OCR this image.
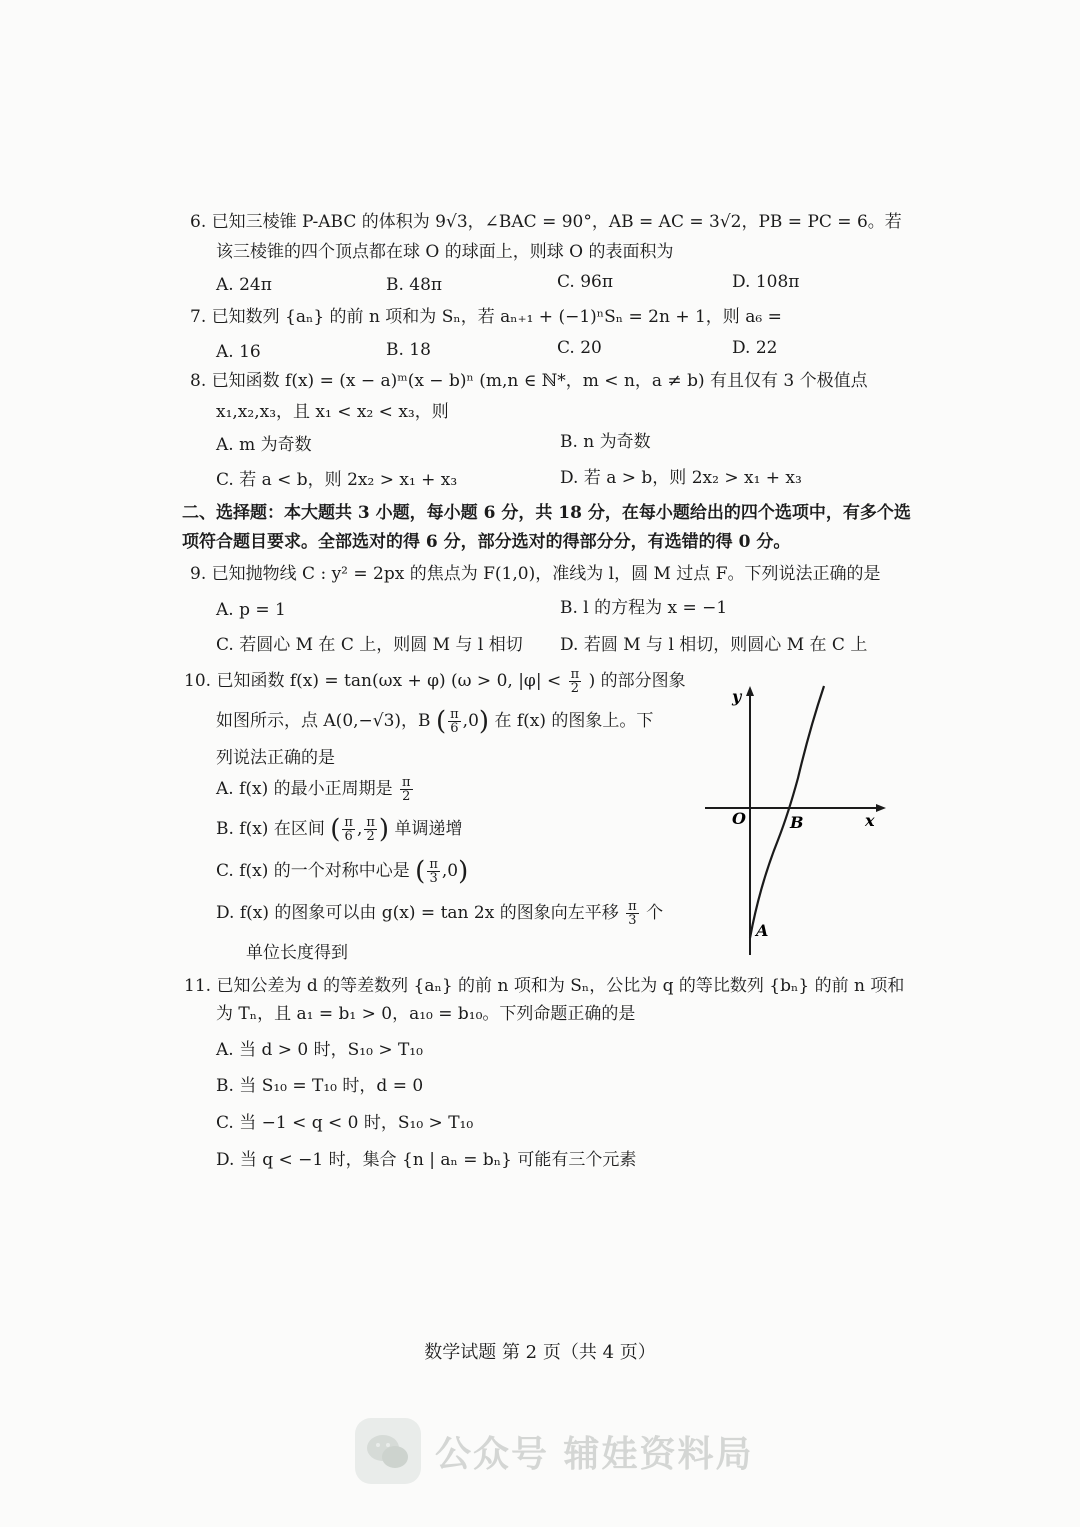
6. 已知三棱锥 P-ABC 的体积为 9√3，∠BAC = 90°，AB = AC = 3√2，PB = PC = 6。若
该三棱锥的四个顶点都在球 O 的球面上，则球 O 的表面积为
A. 24π	B. 48π	C. 96π	D. 108π
7. 已知数列 {aₙ} 的前 n 项和为 Sₙ，若 aₙ₊₁ + (−1)ⁿSₙ = 2n + 1，则 a₆ =
A. 16	B. 18	C. 20	D. 22
8. 已知函数 f(x) = (x − a)ᵐ(x − b)ⁿ (m,n ∈ ℕ*，m < n，a ≠ b) 有且仅有 3 个极值点
x₁,x₂,x₃，且 x₁ < x₂ < x₃，则
A. m 为奇数	B. n 为奇数
C. 若 a < b，则 2x₂ > x₁ + x₃	D. 若 a > b，则 2x₂ > x₁ + x₃
二、选择题：本大题共 3 小题，每小题 6 分，共 18 分，在每小题给出的四个选项中，有多个选
项符合题目要求。全部选对的得 6 分，部分选对的得部分分，有选错的得 0 分。
9. 已知抛物线 C : y² = 2px 的焦点为 F(1,0)，准线为 l，圆 M 过点 F。下列说法正确的是
A. p = 1	B. l 的方程为 x = −1
C. 若圆心 M 在 C 上，则圆 M 与 l 相切 D. 若圆 M 与 l 相切，则圆心 M 在 C 上
10. 已知函数 f(x) = tan(ωx + φ) (ω > 0, $|\varphi| < \frac{\pi}{2}$ ) 的部分图象
如图所示，点 A(0,−√3)，B ( $\frac{\pi}{6} ,0$) 在 f(x) 的图象上。下
列说法正确的是
A. f(x) 的最小正周期是 $\frac{\pi}{2}$
B. f(x) 在区间 ( $\frac{\pi}{6}$ , $\frac{\pi}{2}$ ) 单调递增
C. f(x) 的一个对称中心是 ( $\frac{\pi}{3} ,0$)
D. f(x) 的图象可以由 g(x) = tan 2x 的图象向左平移 $\frac{\pi}{3}$ 个
单位长度得到
y
O	B	x
A
11. 已知公差为 d 的等差数列 {aₙ} 的前 n 项和为 Sₙ，公比为 q 的等比数列 {bₙ} 的前 n 项和
为 Tₙ，且 a₁ = b₁ > 0，a₁₀ = b₁₀。下列命题正确的是
A. 当 d > 0 时，S₁₀ > T₁₀
B. 当 S₁₀ = T₁₀ 时，d = 0
C. 当 −1 < q < 0 时，S₁₀ > T₁₀
D. 当 q < −1 时，集合 {n | aₙ = bₙ} 可能有三个元素
数学试题 第 2 页（共 4 页）
公众号 辅娃资料局
